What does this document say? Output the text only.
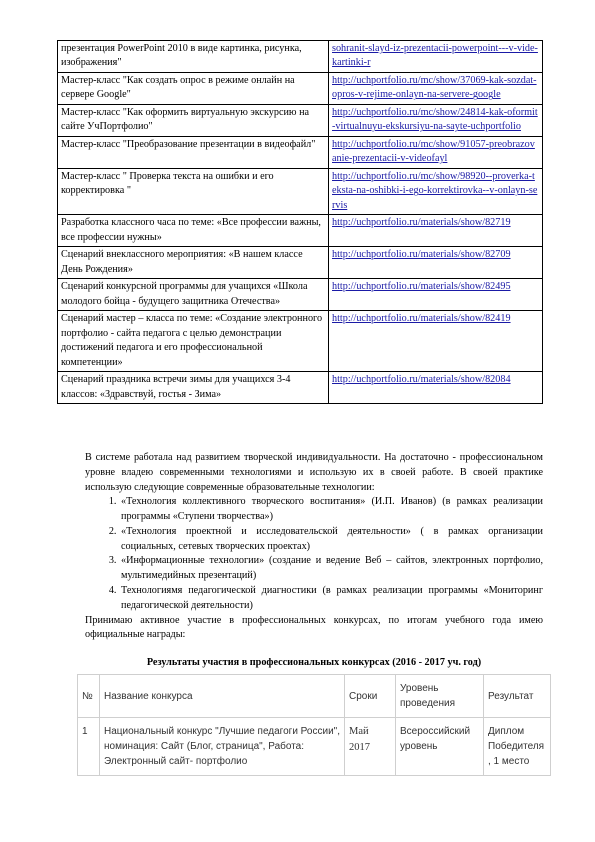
презентация PowerPoint 2010 в виде картинка, рисунка, изображения"	sohranit-slayd-iz-prezentacii-powerpoint---v-vide-kartinki-r
Мастер-класс "Как создать опрос в режиме онлайн на сервере Google"	http://uchportfolio.ru/mc/show/37069-kak-sozdat-opros-v-rejime-onlayn-na-servere-google
Мастер-класс "Как оформить виртуальную экскурсию на сайте УчПортфолио"	http://uchportfolio.ru/mc/show/24814-kak-oformit-virtualnuyu-ekskursiyu-na-sayte-uchportfolio
Мастер-класс "Преобразование презентации в видеофайл"	http://uchportfolio.ru/mc/show/91057-preobrazovanie-prezentacii-v-videofayl
Мастер-класс " Проверка текста на ошибки и его корректировка "	http://uchportfolio.ru/mc/show/98920--proverka-teksta-na-oshibki-i-ego-korrektirovka--v-onlayn-servis
Разработка классного часа по теме: «Все профессии важны, все профессии нужны»	http://uchportfolio.ru/materials/show/82719
Сценарий внеклассного мероприятия: «В нашем классе День Рождения»	http://uchportfolio.ru/materials/show/82709
Сценарий конкурсной программы для учащихся «Школа молодого бойца - будущего защитника Отечества»	http://uchportfolio.ru/materials/show/82495
Сценарий мастер – класса по теме: «Создание электронного портфолио - сайта педагога с целью демонстрации достижений педагога и его профессиональной компетенции»	http://uchportfolio.ru/materials/show/82419
Сценарий праздника встречи зимы для учащихся 3-4 классов: «Здравствуй, гостья - Зима»	http://uchportfolio.ru/materials/show/82084

В системе работала над развитием творческой индивидуальности. На достаточно - профессиональном уровне владею современными технологиями и использую их в своей работе. В своей практике использую следующие современные образовательные технологии:

1. «Технология коллективного творческого воспитания» (И.П. Иванов) (в рамках реализации программы «Ступени творчества»)
2. «Технология проектной и исследовательской деятельности» ( в рамках организации социальных, сетевых творческих проектах)
3. «Информационные технологии» (создание и ведение Веб – сайтов, электронных портфолио, мультимедийных презентаций)
4. Технологиямя педагогической диагностики (в рамках реализации программы «Мониторинг педагогической деятельности)

Принимаю активное участие в профессиональных конкурсах, по итогам учебного года имею официальные награды:

Результаты участия в профессиональных конкурсах (2016 - 2017 уч. год)
№	Название конкурса	Сроки	Уровень проведения	Результат
1	Национальный конкурс "Лучшие педагоги России", номинация: Сайт (Блог, страница", Работа: Электронный сайт- портфолио	Май 2017	Всероссийский уровень	Диплом Победителя , 1 место
